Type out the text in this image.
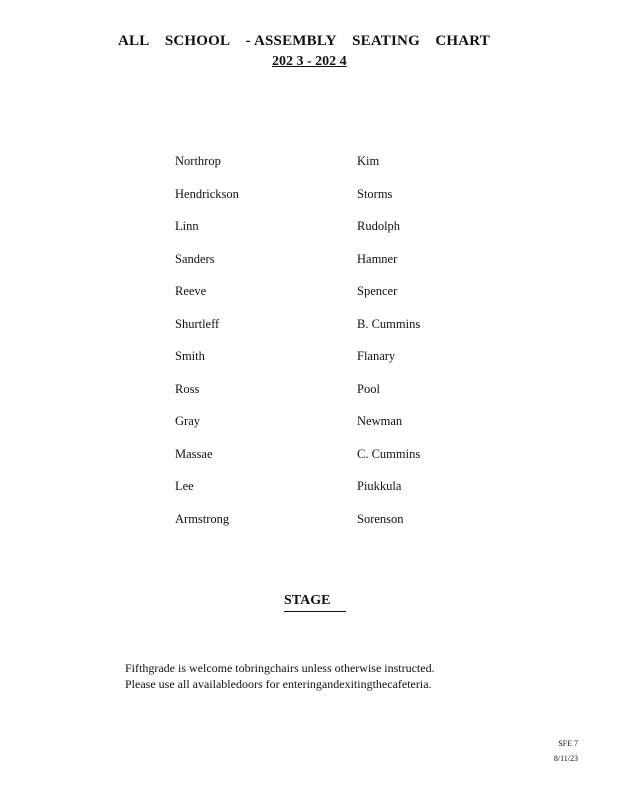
ALL SCHOOL - ASSEMBLY SEATING CHART
202 3 - 202 4
Northrop
Hendrickson
Linn
Sanders
Reeve
Shurtleff
Smith
Ross
Gray
Massae
Lee
Armstrong
Kim
Storms
Rudolph
Hamner
Spencer
B. Cummins
Flanary
Pool
Newman
C. Cummins
Piukkula
Sorenson
STAGE
Fifthgrade is welcome tobringchairs unless otherwise instructed.
Please use all availabledoors for enteringandexitingthecafeteria.
SFE 7
8/11/23
